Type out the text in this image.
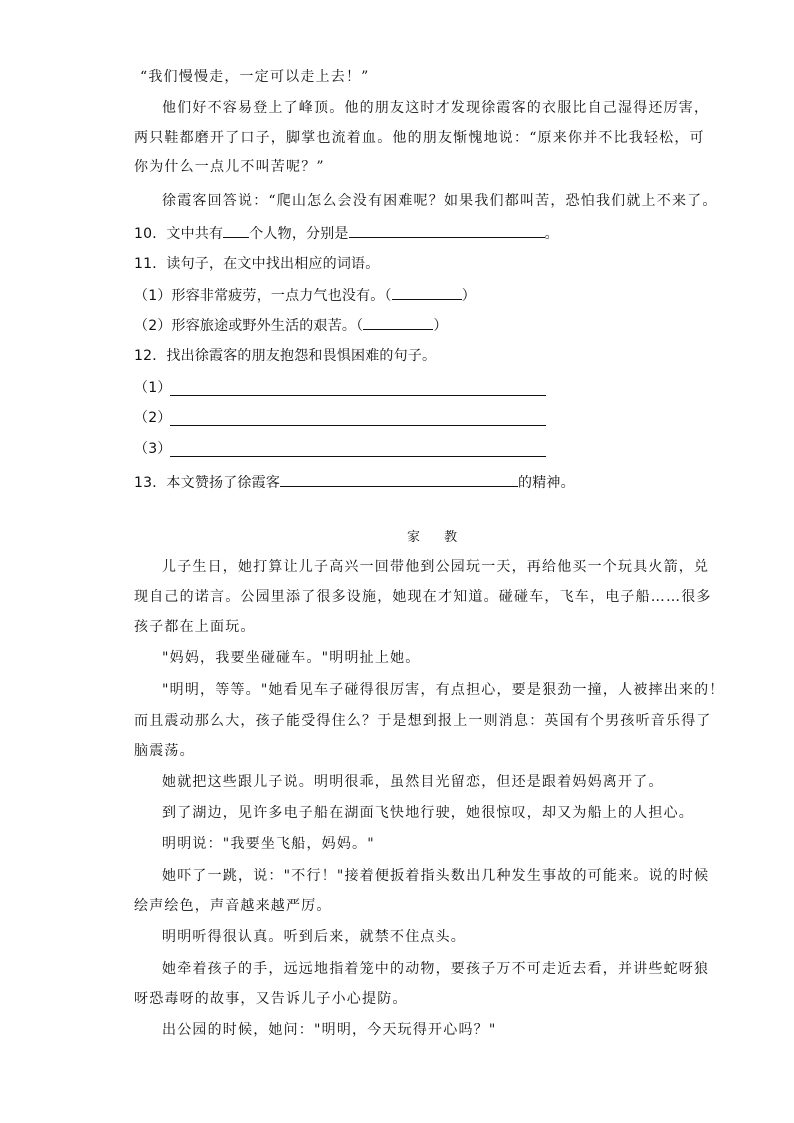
“我们慢慢走，一定可以走上去！”
他们好不容易登上了峰顶。他的朋友这时才发现徐霞客的衣服比自己湿得还厉害，
两只鞋都磨开了口子，脚掌也流着血。他的朋友惭愧地说：“原来你并不比我轻松，可
你为什么一点儿不叫苦呢？”
徐霞客回答说：“爬山怎么会没有困难呢？如果我们都叫苦，恐怕我们就上不来了。
10．文中共有 个人物，分别是	。
11．读句子，在文中找出相应的词语。
（1）形容非常疲劳，一点力气也没有。（	）
（2）形容旅途或野外生活的艰苦。（	）
12．找出徐霞客的朋友抱怨和畏惧困难的句子。
（1）
（2）
（3）
13．本文赞扬了徐霞客	的精神。
家 教
儿子生日，她打算让儿子高兴一回带他到公园玩一天，再给他买一个玩具火箭，兑
现自己的诺言。公园里添了很多设施，她现在才知道。碰碰车，飞车，电子船……很多
孩子都在上面玩。
"妈妈，我要坐碰碰车。"明明扯上她。
"明明，等等。"她看见车子碰得很厉害，有点担心，要是狠劲一撞，人被摔出来的！
而且震动那么大，孩子能受得住么？于是想到报上一则消息：英国有个男孩听音乐得了
脑震荡。
她就把这些跟儿子说。明明很乖，虽然目光留恋，但还是跟着妈妈离开了。
到了湖边，见许多电子船在湖面飞快地行驶，她很惊叹，却又为船上的人担心。
明明说："我要坐飞船，妈妈。"
她吓了一跳，说："不行！"接着便扳着指头数出几种发生事故的可能来。说的时候
绘声绘色，声音越来越严厉。
明明听得很认真。听到后来，就禁不住点头。
她牵着孩子的手，远远地指着笼中的动物，要孩子万不可走近去看，并讲些蛇呀狼
呀恐毒呀的故事，又告诉儿子小心提防。
出公园的时候，她问："明明，今天玩得开心吗？"
